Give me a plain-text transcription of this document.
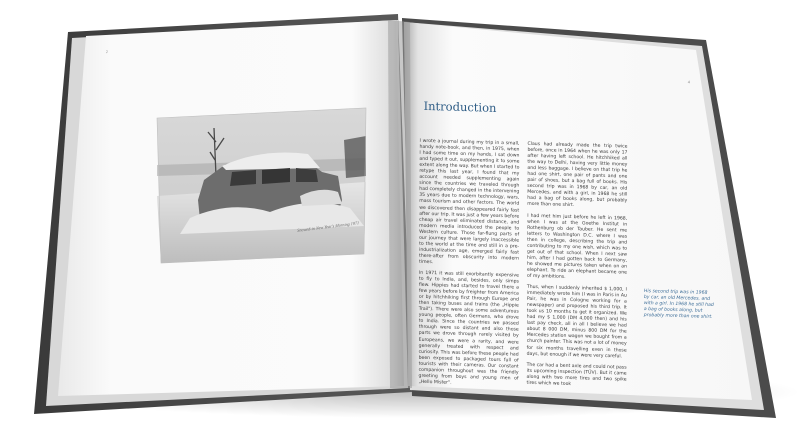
2
Snowed-in New Year's Morning 1971
4
Introduction

I wrote a journal during my trip in a small, handy note-book, and then, in 1975, when I had some time on my hands, I sat down and typed it out, supplementing it to some extent along the way. But when I started to retype this last year, I found that my account needed supplementing again since the countries we traveled through had completely changed in the intervening 35 years due to modern technology, wars, mass tourism and other factors. The world we discovered then disappeared fairly fast after our trip. It was just a few years before cheap air travel eliminated distance, and modern media introduced the people to Western culture. Those far-flung parts of our journey that were largely inaccessible to the world at the time and still in a pre-industrialization age, emerged fairly fast there-after from obscurity into modern times.

In 1971 it was still exorbitantly expensive to fly to India, and, besides, only simps flew. Hippies had started to travel there a few years before by freighter from America or by hitchhiking first through Europe and then taking buses and trains (the „Hippie Trail"). There were also some adventurous young people, often Germans, who drove to India. Since the countries we passed through were so distant and also those parts we drove through rarely visited by Europeans, we were a rarity, and were generally treated with respect and curiosity. This was before these people had been exposed to packaged tours full of tourists with their cameras. Our constant companion throughout was the friendly greeting from boys and young men of „Hello Mister".

Claus had already made the trip twice before, once in 1964 when he was only 17 after having left school. He hitchhiked all the way to Delhi, having very little money and less baggage. I believe on that trip he had one shirt, one pair of pants and one pair of shoes, but a bag full of books. His second trip was in 1968 by car, an old Mercedes, and with a girl, in 1968 he still had a bag of books along, but probably more than one shirt.

I had met him just before he left in 1968, when I was at the Goethe Institut in Rothenburg ob der Tauber. He sent me letters to Washington D.C. where I was then in college, describing the trip and contributing to my one wish, which was to get out of that school. When I next saw him, after I had gotten back to Germany, he showed me pictures taken when on an elephant. To ride an elephant became one of my ambitions.

Thus, when I suddenly inherited $ 1,000, I immediately wrote him (I was in Paris in Au Pair, he was in Cologne working for a newspaper) and proposed his third trip. It took us 10 months to get it organized. We had my $ 1,000 (DM 4,000 then) and his last pay check, all in all I believe we had about 8 000 DM, minus 800 DM for the Mercedes station wagon we bought from a church painter. This was not a lot of money for six months travelling even in those days, but enough if we were very careful.

The car had a bent axle and could not pass its upcoming inspection (TÜV). But it came along with two more tires and two spike tires which we took

His second trip was in 1968 by car, an old Mercedes, and with a girl. In 1968 he still had a bag of books along, but probably more than one shirt.
